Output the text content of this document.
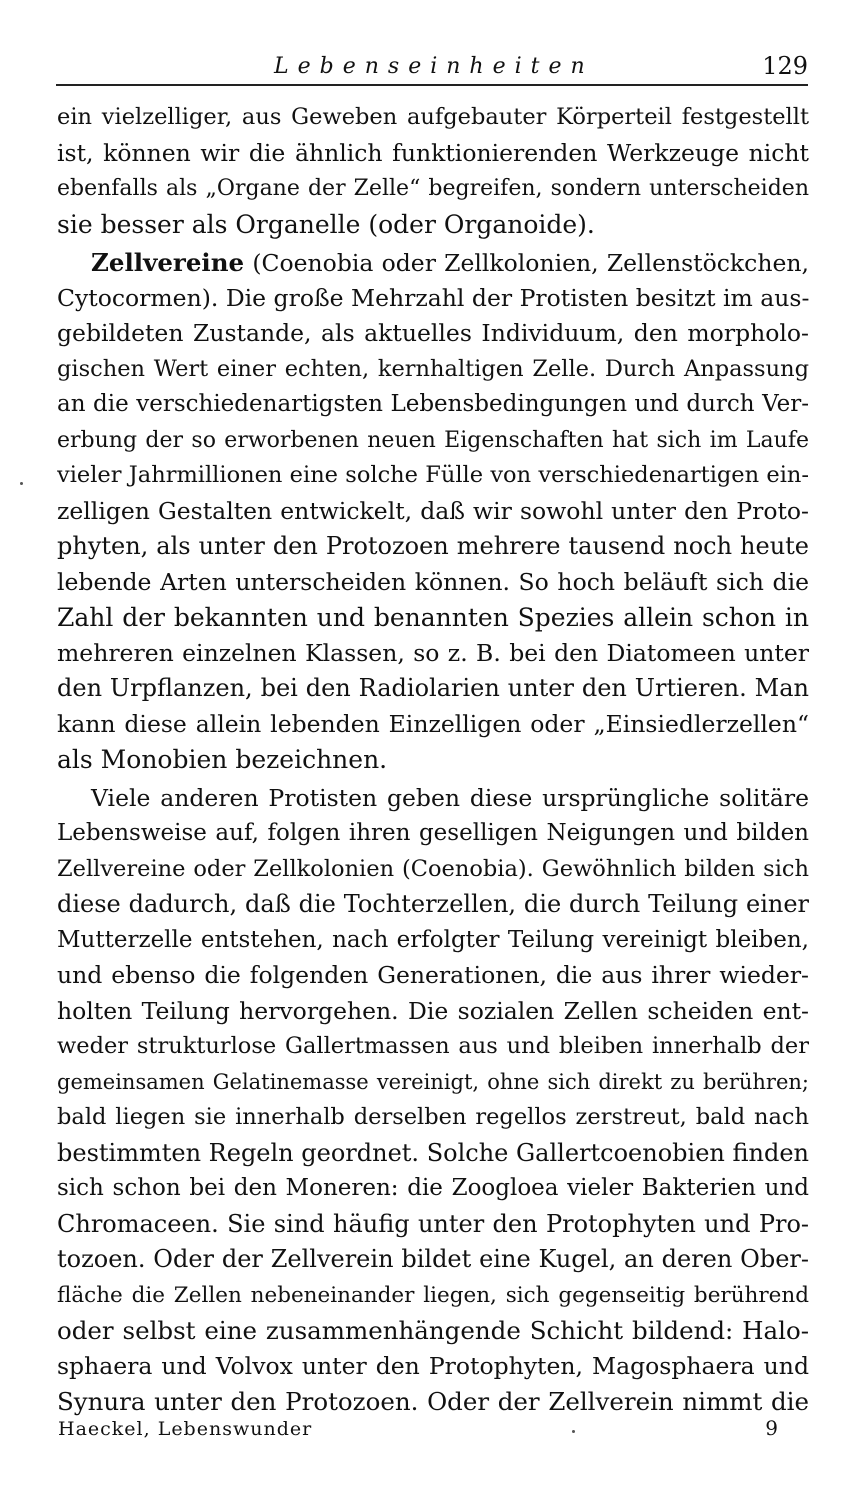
Lebenseinheiten	129
ein vielzelliger, aus Geweben aufgebauter Körperteil festgestellt
ist, können wir die ähnlich funktionierenden Werkzeuge nicht
ebenfalls als „Organe der Zelle“ begreifen, sondern unterscheiden
sie besser als Organelle (oder Organoide).
Zellvereine (Coenobia oder Zellkolonien, Zellenstöckchen,
Cytocormen). Die große Mehrzahl der Protisten besitzt im aus-
gebildeten Zustande, als aktuelles Individuum, den morpholo-
gischen Wert einer echten, kernhaltigen Zelle. Durch Anpassung
an die verschiedenartigsten Lebensbedingungen und durch Ver-
erbung der so erworbenen neuen Eigenschaften hat sich im Laufe
vieler Jahrmillionen eine solche Fülle von verschiedenartigen ein-
zelligen Gestalten entwickelt, daß wir sowohl unter den Proto-
phyten, als unter den Protozoen mehrere tausend noch heute
lebende Arten unterscheiden können. So hoch beläuft sich die
Zahl der bekannten und benannten Spezies allein schon in
mehreren einzelnen Klassen, so z. B. bei den Diatomeen unter
den Urpflanzen, bei den Radiolarien unter den Urtieren. Man
kann diese allein lebenden Einzelligen oder „Einsiedlerzellen“
als Monobien bezeichnen.
Viele anderen Protisten geben diese ursprüngliche solitäre
Lebensweise auf, folgen ihren geselligen Neigungen und bilden
Zellvereine oder Zellkolonien (Coenobia). Gewöhnlich bilden sich
diese dadurch, daß die Tochterzellen, die durch Teilung einer
Mutterzelle entstehen, nach erfolgter Teilung vereinigt bleiben,
und ebenso die folgenden Generationen, die aus ihrer wieder-
holten Teilung hervorgehen. Die sozialen Zellen scheiden ent-
weder strukturlose Gallertmassen aus und bleiben innerhalb der
gemeinsamen Gelatinemasse vereinigt, ohne sich direkt zu berühren;
bald liegen sie innerhalb derselben regellos zerstreut, bald nach
bestimmten Regeln geordnet. Solche Gallertcoenobien finden
sich schon bei den Moneren: die Zoogloea vieler Bakterien und
Chromaceen. Sie sind häufig unter den Protophyten und Pro-
tozoen. Oder der Zellverein bildet eine Kugel, an deren Ober-
fläche die Zellen nebeneinander liegen, sich gegenseitig berührend
oder selbst eine zusammenhängende Schicht bildend: Halo-
sphaera und Volvox unter den Protophyten, Magosphaera und
Synura unter den Protozoen. Oder der Zellverein nimmt die
Haeckel, Lebenswunder	9
